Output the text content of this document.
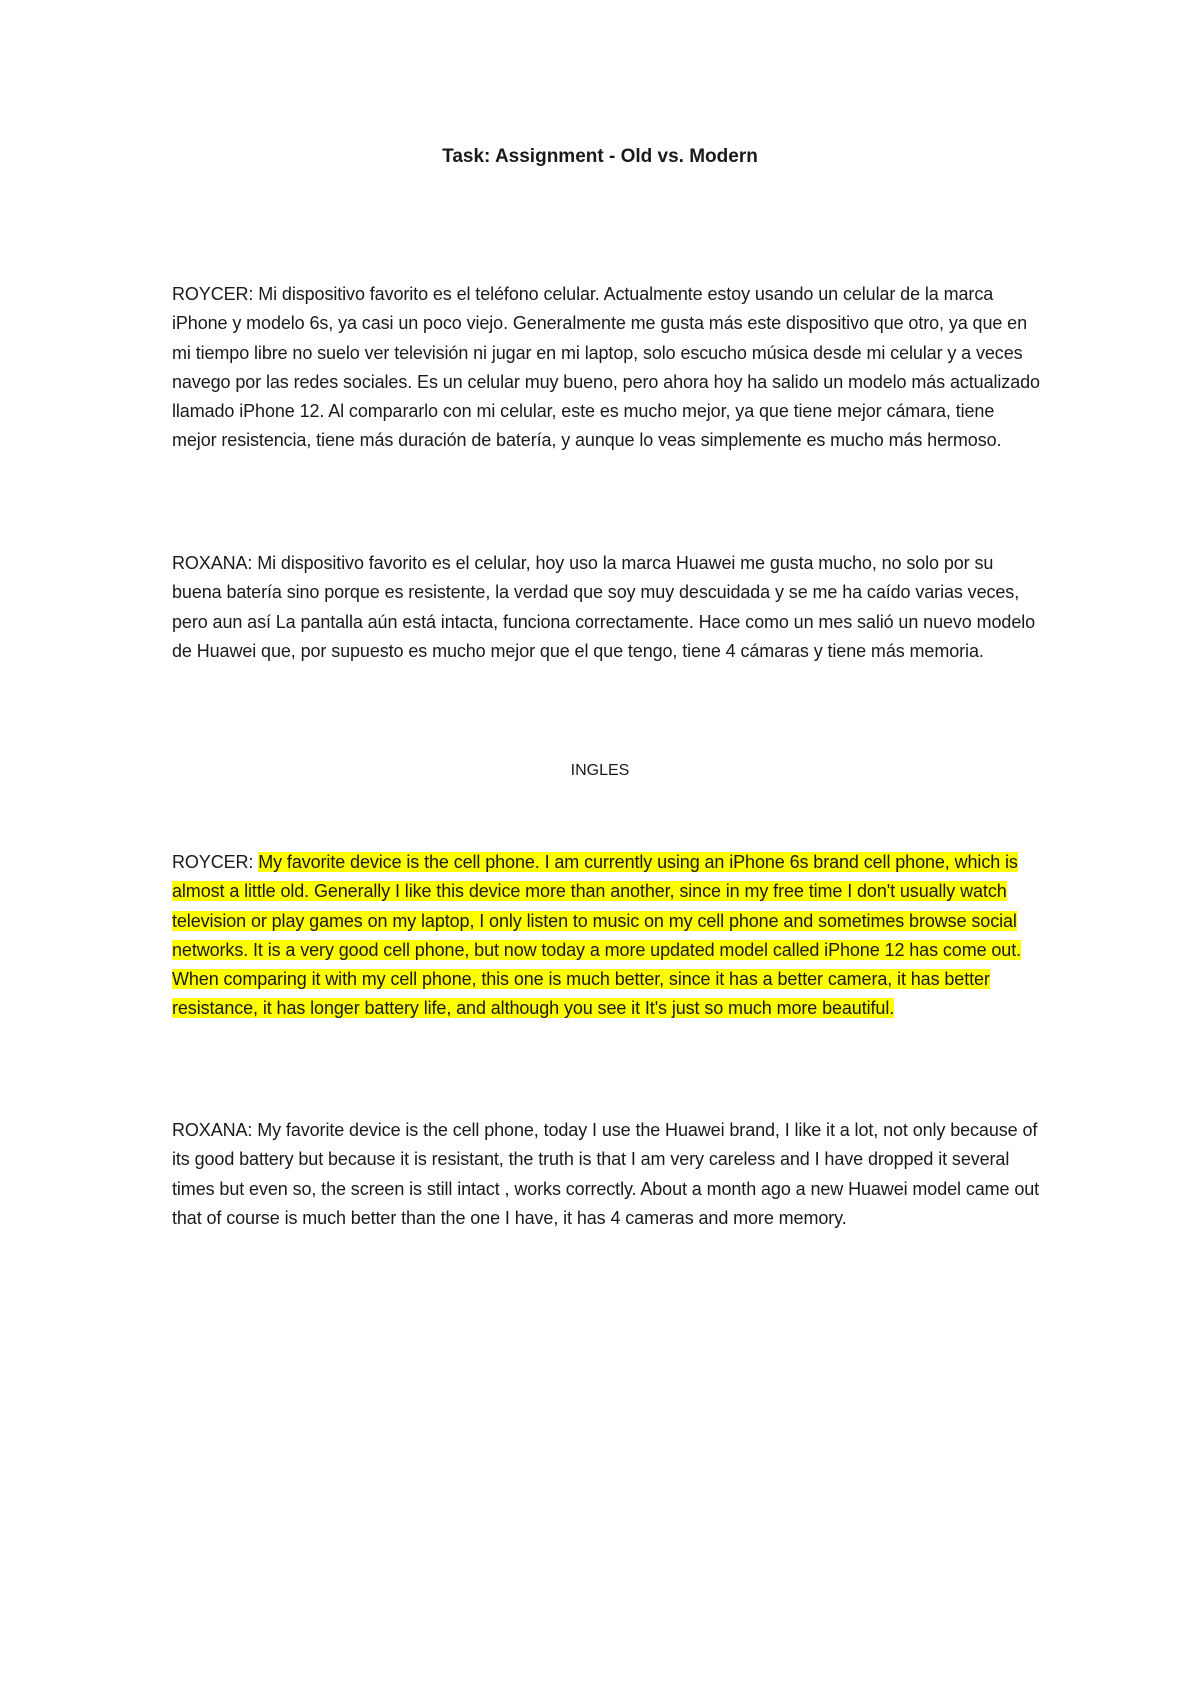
Task: Assignment - Old vs. Modern
ROYCER: Mi dispositivo favorito es el teléfono celular. Actualmente estoy usando un celular de la marca iPhone y modelo 6s, ya casi un poco viejo. Generalmente me gusta más este dispositivo que otro, ya que en mi tiempo libre no suelo ver televisión ni jugar en mi laptop, solo escucho música desde mi celular y a veces navego por las redes sociales. Es un celular muy bueno, pero ahora hoy ha salido un modelo más actualizado llamado iPhone 12. Al compararlo con mi celular, este es mucho mejor, ya que tiene mejor cámara, tiene mejor resistencia, tiene más duración de batería, y aunque lo veas simplemente es mucho más hermoso.
ROXANA: Mi dispositivo favorito es el celular, hoy uso la marca Huawei me gusta mucho, no solo por su buena batería sino porque es resistente, la verdad que soy muy descuidada y se me ha caído varias veces, pero aun así La pantalla aún está intacta, funciona correctamente. Hace como un mes salió un nuevo modelo de Huawei que, por supuesto es mucho mejor que el que tengo, tiene 4 cámaras y tiene más memoria.
INGLES
ROYCER: My favorite device is the cell phone. I am currently using an iPhone 6s brand cell phone, which is almost a little old. Generally I like this device more than another, since in my free time I don't usually watch television or play games on my laptop, I only listen to music on my cell phone and sometimes browse social networks. It is a very good cell phone, but now today a more updated model called iPhone 12 has come out. When comparing it with my cell phone, this one is much better, since it has a better camera, it has better resistance, it has longer battery life, and although you see it It's just so much more beautiful.
ROXANA: My favorite device is the cell phone, today I use the Huawei brand, I like it a lot, not only because of its good battery but because it is resistant, the truth is that I am very careless and I have dropped it several times but even so, the screen is still intact , works correctly. About a month ago a new Huawei model came out that of course is much better than the one I have, it has 4 cameras and more memory.
